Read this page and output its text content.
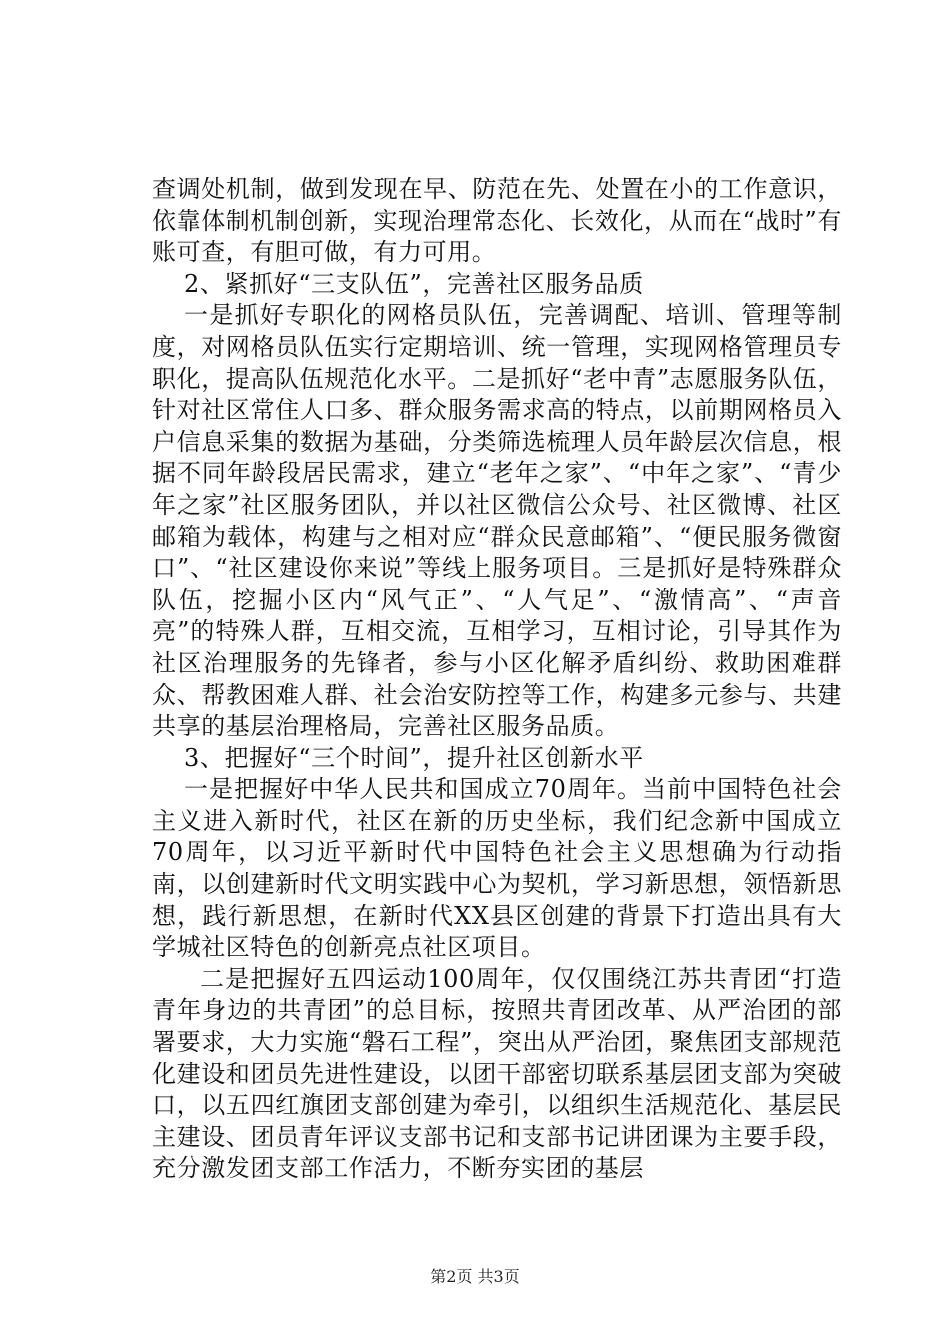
查调处机制，做到发现在早、防范在先、处置在小的工作意识，依靠体制机制创新，实现治理常态化、长效化，从而在“战时”有账可查，有胆可做，有力可用。

2、紧抓好“三支队伍”，完善社区服务品质

一是抓好专职化的网格员队伍，完善调配、培训、管理等制度，对网格员队伍实行定期培训、统一管理，实现网格管理员专职化，提高队伍规范化水平。二是抓好“老中青”志愿服务队伍，针对社区常住人口多、群众服务需求高的特点，以前期网格员入户信息采集的数据为基础，分类筛选梳理人员年龄层次信息，根据不同年龄段居民需求，建立“老年之家”、“中年之家”、“青少年之家”社区服务团队，并以社区微信公众号、社区微博、社区邮箱为载体，构建与之相对应“群众民意邮箱”、“便民服务微窗口”、“社区建设你来说”等线上服务项目。三是抓好是特殊群众队伍，挖掘小区内“风气正”、“人气足”、“激情高”、“声音亮”的特殊人群，互相交流，互相学习，互相讨论，引导其作为社区治理服务的先锋者，参与小区化解矛盾纠纷、救助困难群众、帮教困难人群、社会治安防控等工作，构建多元参与、共建共享的基层治理格局，完善社区服务品质。

3、把握好“三个时间”，提升社区创新水平

一是把握好中华人民共和国成立70周年。当前中国特色社会主义进入新时代，社区在新的历史坐标，我们纪念新中国成立70周年，以习近平新时代中国特色社会主义思想确为行动指南，以创建新时代文明实践中心为契机，学习新思想，领悟新思想，践行新思想，在新时代XX县区创建的背景下打造出具有大学城社区特色的创新亮点社区项目。

二是把握好五四运动100周年，仅仅围绕江苏共青团“打造青年身边的共青团”的总目标，按照共青团改革、从严治团的部署要求，大力实施“磐石工程”，突出从严治团，聚焦团支部规范化建设和团员先进性建设，以团干部密切联系基层团支部为突破口，以五四红旗团支部创建为牵引，以组织生活规范化、基层民主建设、团员青年评议支部书记和支部书记讲团课为主要手段，充分激发团支部工作活力，不断夯实团的基层

第2页 共3页
